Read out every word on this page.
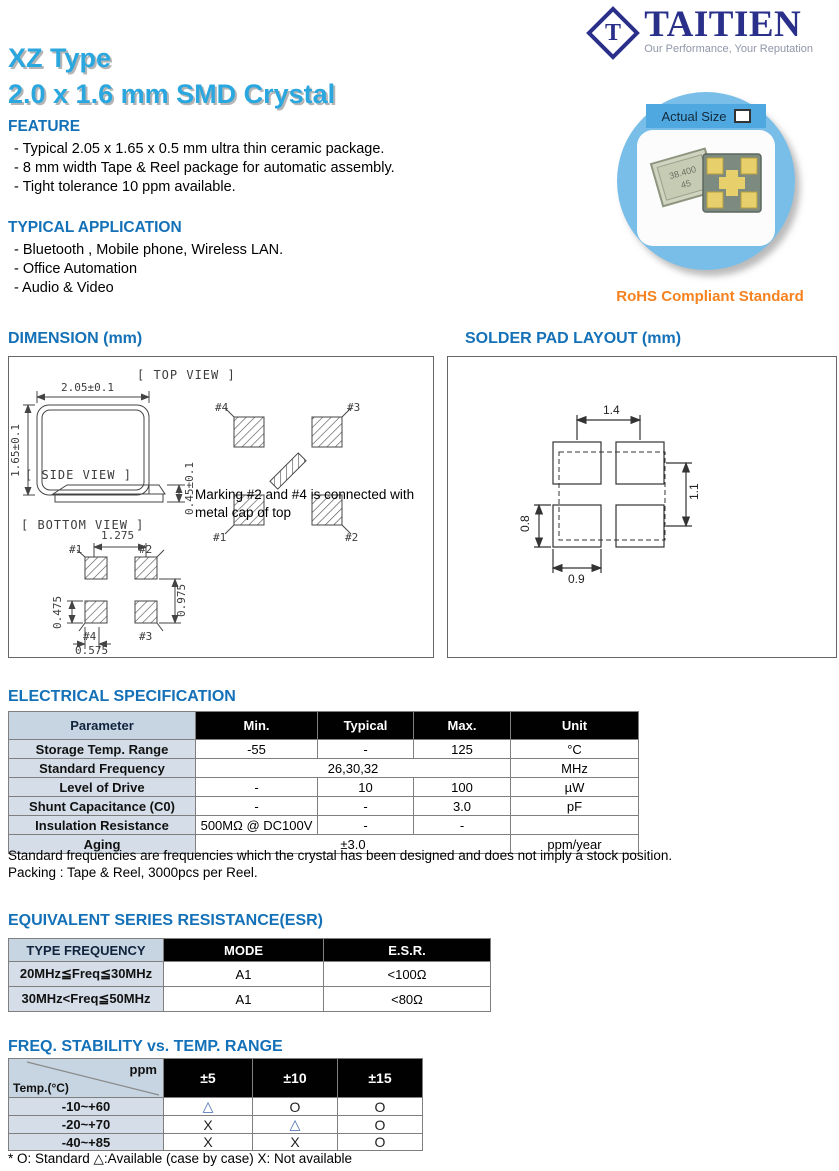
T TAITIEN
Our Performance, Your Reputation
XZ Type
2.0 x 1.6 mm SMD Crystal
FEATURE
- Typical 2.05 x 1.65 x 0.5 mm ultra thin ceramic package.
- 8 mm width Tape & Reel package for automatic assembly.
- Tight tolerance 10 ppm available.
TYPICAL APPLICATION
- Bluetooth , Mobile phone, Wireless LAN.
- Office Automation
- Audio & Video
38.400
45
Actual Size
RoHS Compliant Standard
DIMENSION (mm)
[ TOP VIEW ]
2.05±0.1
1.65±0.1
#4	#3
#1	#2
[ SIDE VIEW ]	0.45±0.1 Marking #2 and #4 is connected with
metal cap of top
[ BOTTOM VIEW ]
1.275
#1	#2
#4	#3
0.975
0.475
0.575
SOLDER PAD LAYOUT (mm)
1.4
1.1
0.8
0.9
ELECTRICAL SPECIFICATION
Parameter	Min.	Typical	Max.	Unit
Storage Temp. Range	-55	-	125	°C
Standard Frequency	26,30,32			MHz
Level of Drive	-	10	100	µW
Shunt Capacitance (C0)	-	-	3.0	pF
Insulation Resistance	500MΩ @ DC100V	-	-	
Aging	±3.0			ppm/year
Standard frequencies are frequencies which the crystal has been designed and does not imply a stock position.
Packing : Tape & Reel, 3000pcs per Reel.
EQUIVALENT SERIES RESISTANCE(ESR)
TYPE FREQUENCY	MODE	E.S.R.
20MHz≦Freq≦30MHz	A1	<100Ω
30MHz<Freq≦50MHz	A1	<80Ω
FREQ. STABILITY vs. TEMP. RANGE
ppm
Temp.(°C)	±5	±10	±15
-10~+60	△	O	O
-20~+70	X	△	O
-40~+85	X	X	O
* O: Standard △:Available (case by case) X: Not available
